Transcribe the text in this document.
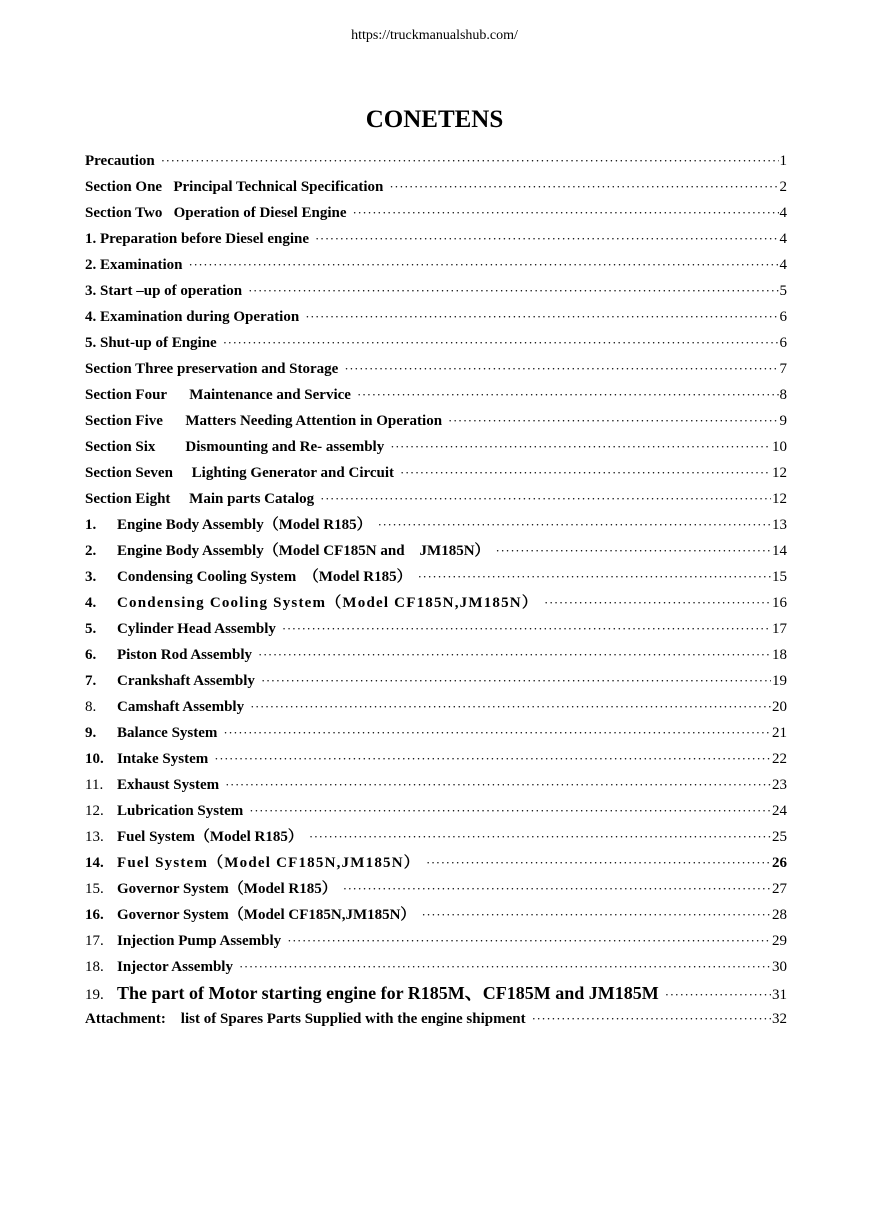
https://truckmanualshub.com/
CONETENS
Precaution ·····	1
Section One   Principal Technical Specification ·····	2
Section Two   Operation of Diesel Engine ·····	4
1. Preparation before Diesel engine ·····	4
2. Examination ·····	4
3. Start –up of operation ·····	5
4. Examination during Operation ·····	6
5. Shut-up of Engine ·····	6
Section Three preservation and Storage ·····	7
Section Four      Maintenance and Service ·····	8
Section Five      Matters Needing Attention in Operation ·····	9
Section Six        Dismounting and Re- assembly ·····	10
Section Seven     Lighting Generator and Circuit ·····	12
Section Eight     Main parts Catalog ·····	12
1.	Engine Body Assembly（Model R185） ·····	13
2.	Engine Body Assembly（Model CF185N and    JM185N） ·····	14
3.	Condensing Cooling System  （Model R185） ·····	15
4.	Condensing Cooling System（Model CF185N,JM185N） ·····	16
5.	Cylinder Head Assembly ·····	17
6.	Piston Rod Assembly ·····	18
7.	Crankshaft Assembly ·····	19
8.	Camshaft Assembly ·····	20
9.	Balance System ·····	21
10. Intake System ·····	22
11. Exhaust System ·····	23
12. Lubrication System ·····	24
13. Fuel System（Model R185） ·····	25
14. Fuel System（Model CF185N,JM185N） ·····	26
15. Governor System（Model R185） ·····	27
16. Governor System（Model CF185N,JM185N） ·····	28
17. Injection Pump Assembly ·····	29
18. Injector Assembly ·····	30
19. The part of Motor starting engine for R185M、CF185M and JM185M ·····	31
Attachment:    list of Spares Parts Supplied with the engine shipment ·····	32
